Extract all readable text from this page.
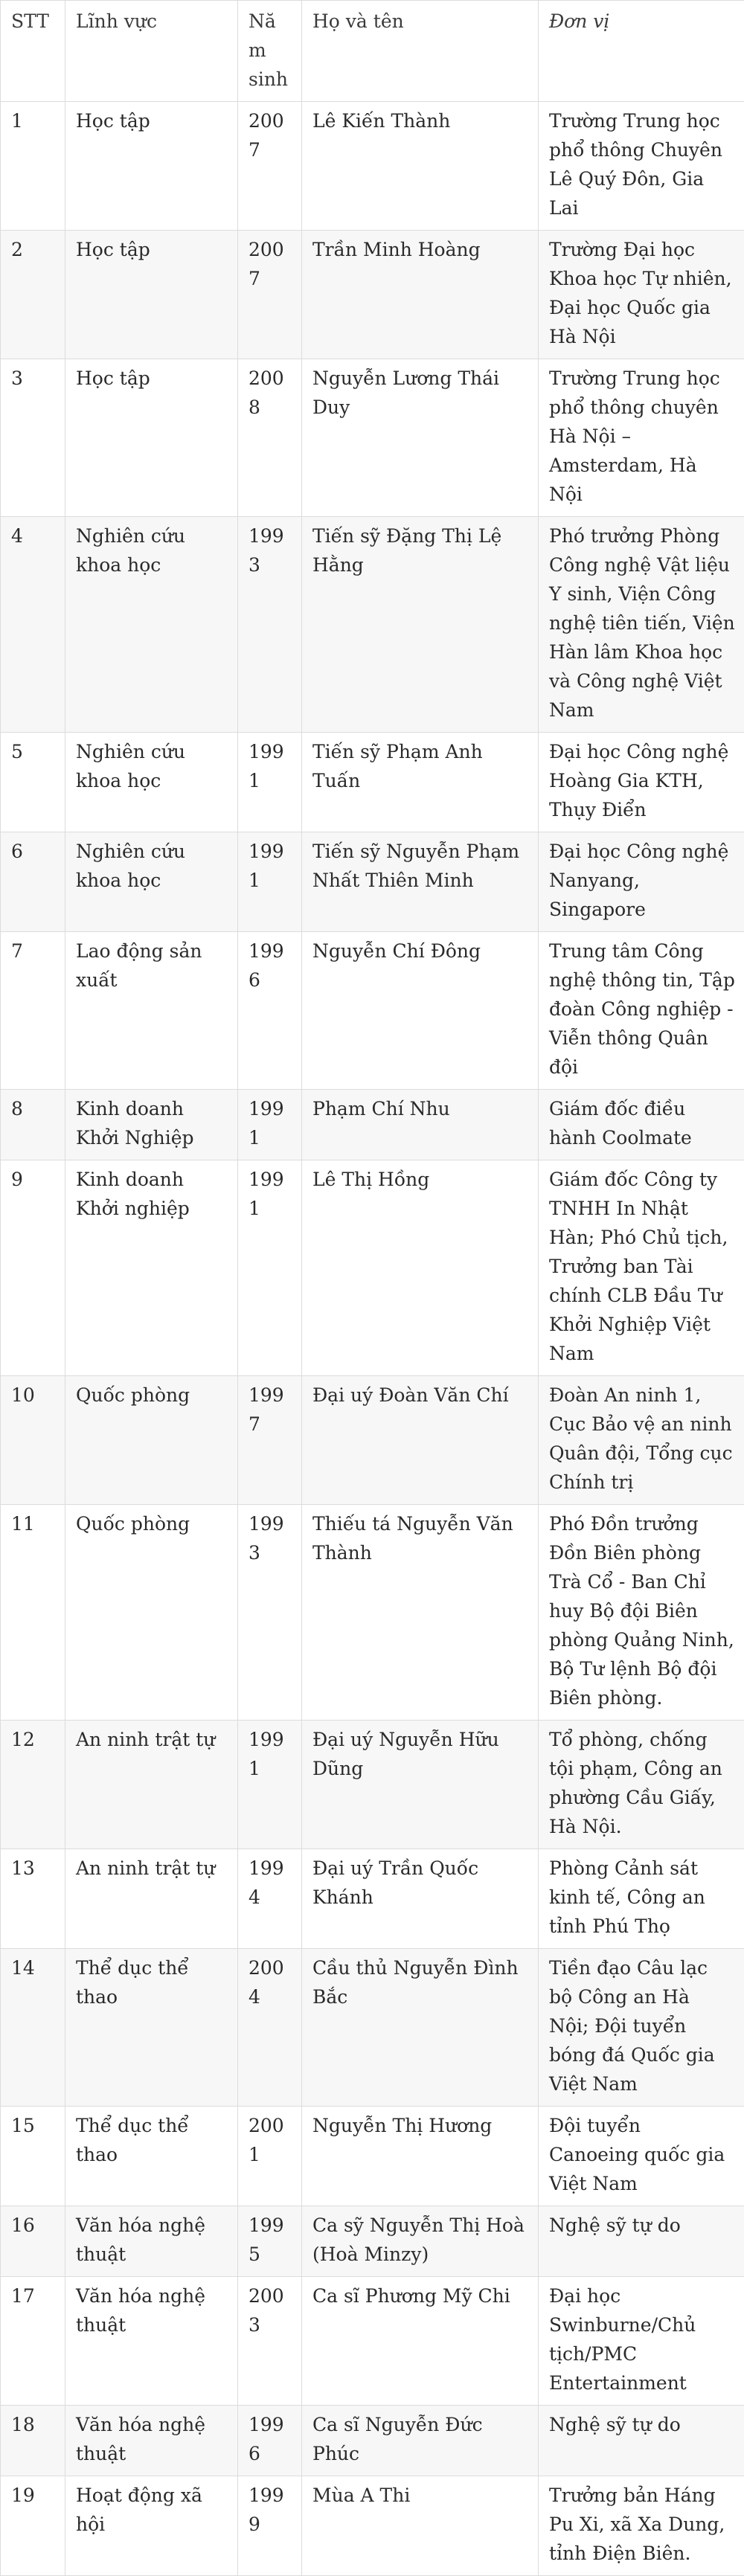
STT	Lĩnh vực	Năm sinh	Họ và tên	Đơn vị
1	Học tập	2007	Lê Kiến Thành	Trường Trung học phổ thông Chuyên Lê Quý Đôn, Gia Lai
2	Học tập	2007	Trần Minh Hoàng	Trường Đại học Khoa học Tự nhiên, Đại học Quốc gia Hà Nội
3	Học tập	2008	Nguyễn Lương Thái Duy	Trường Trung học phổ thông chuyên Hà Nội – Amsterdam, Hà Nội
4	Nghiên cứu khoa học	1993	Tiến sỹ Đặng Thị Lệ Hằng	Phó trưởng Phòng Công nghệ Vật liệu Y sinh, Viện Công nghệ tiên tiến, Viện Hàn lâm Khoa học và Công nghệ Việt Nam
5	Nghiên cứu khoa học	1991	Tiến sỹ Phạm Anh Tuấn	Đại học Công nghệ Hoàng Gia KTH, Thụy Điển
6	Nghiên cứu khoa học	1991	Tiến sỹ Nguyễn Phạm Nhất Thiên Minh	Đại học Công nghệ Nanyang, Singapore
7	Lao động sản xuất	1996	Nguyễn Chí Đông	Trung tâm Công nghệ thông tin, Tập đoàn Công nghiệp - Viễn thông Quân đội
8	Kinh doanh Khởi Nghiệp	1991	Phạm Chí Nhu	Giám đốc điều hành Coolmate
9	Kinh doanh Khởi nghiệp	1991	Lê Thị Hồng	Giám đốc Công ty TNHH In Nhật Hàn; Phó Chủ tịch, Trưởng ban Tài chính CLB Đầu Tư Khởi Nghiệp Việt Nam
10	Quốc phòng	1997	Đại uý Đoàn Văn Chí	Đoàn An ninh 1, Cục Bảo vệ an ninh Quân đội, Tổng cục Chính trị
11	Quốc phòng	1993	Thiếu tá Nguyễn Văn Thành	Phó Đồn trưởng Đồn Biên phòng Trà Cổ - Ban Chỉ huy Bộ đội Biên phòng Quảng Ninh, Bộ Tư lệnh Bộ đội Biên phòng.
12	An ninh trật tự	1991	Đại uý Nguyễn Hữu Dũng	Tổ phòng, chống tội phạm, Công an phường Cầu Giấy, Hà Nội.
13	An ninh trật tự	1994	Đại uý Trần Quốc Khánh	Phòng Cảnh sát kinh tế, Công an tỉnh Phú Thọ
14	Thể dục thể thao	2004	Cầu thủ Nguyễn Đình Bắc	Tiền đạo Câu lạc bộ Công an Hà Nội; Đội tuyển bóng đá Quốc gia Việt Nam
15	Thể dục thể thao	2001	Nguyễn Thị Hương	Đội tuyển Canoeing quốc gia Việt Nam
16	Văn hóa nghệ thuật	1995	Ca sỹ Nguyễn Thị Hoà (Hoà Minzy)	Nghệ sỹ tự do
17	Văn hóa nghệ thuật	2003	Ca sĩ Phương Mỹ Chi	Đại học Swinburne/Chủ tịch/PMC Entertainment
18	Văn hóa nghệ thuật	1996	Ca sĩ Nguyễn Đức Phúc	Nghệ sỹ tự do
19	Hoạt động xã hội	1999	Mùa A Thi	Trưởng bản Háng Pu Xi, xã Xa Dung, tỉnh Điện Biên.
